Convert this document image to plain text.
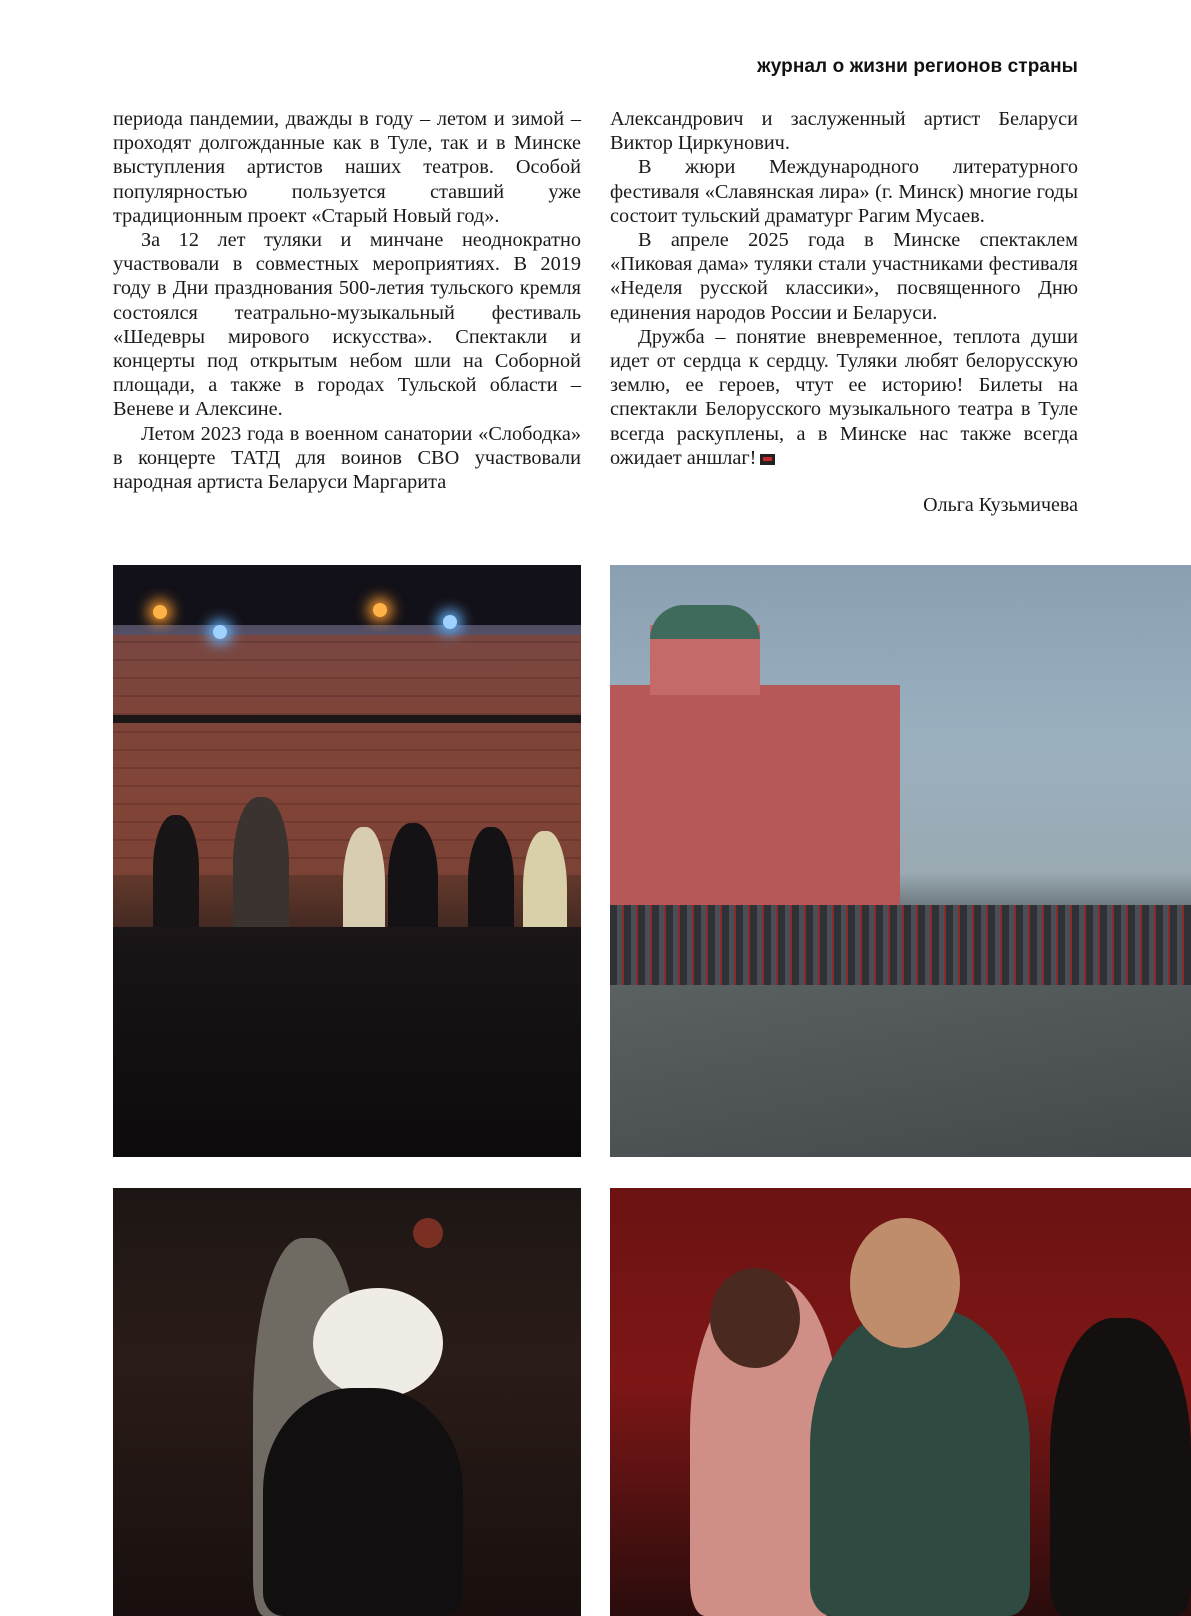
журнал о жизни регионов страны

периода пандемии, дважды в году – летом и зимой – проходят долгожданные как в Туле, так и в Минске выступления артистов наших театров. Особой популярностью пользуется ставший уже традиционным проект «Старый Новый год».

За 12 лет туляки и минчане неоднократно участвовали в совместных мероприятиях. В 2019 году в Дни празднования 500-летия тульского кремля состоялся театрально-музыкальный фестиваль «Шедевры мирового искусства». Спектакли и концерты под открытым небом шли на Соборной площади, а также в городах Тульской области – Веневе и Алексине.

Летом 2023 года в военном санатории «Слободка» в концерте ТАТД для воинов СВО участвовали народная артиста Беларуси Маргарита

Александрович и заслуженный артист Беларуси Виктор Циркунович.

В жюри Международного литературного фестиваля «Славянская лира» (г. Минск) многие годы состоит тульский драматург Рагим Мусаев.

В апреле 2025 года в Минске спектаклем «Пиковая дама» туляки стали участниками фестиваля «Неделя русской классики», посвященного Дню единения народов России и Беларуси.

Дружба – понятие вневременное, теплота души идет от сердца к сердцу. Туляки любят белорусскую землю, ее героев, чтут ее историю! Билеты на спектакли Белорусского музыкального театра в Туле всегда раскуплены, а в Минске нас также всегда ожидает аншлаг!

Ольга Кузьмичева
